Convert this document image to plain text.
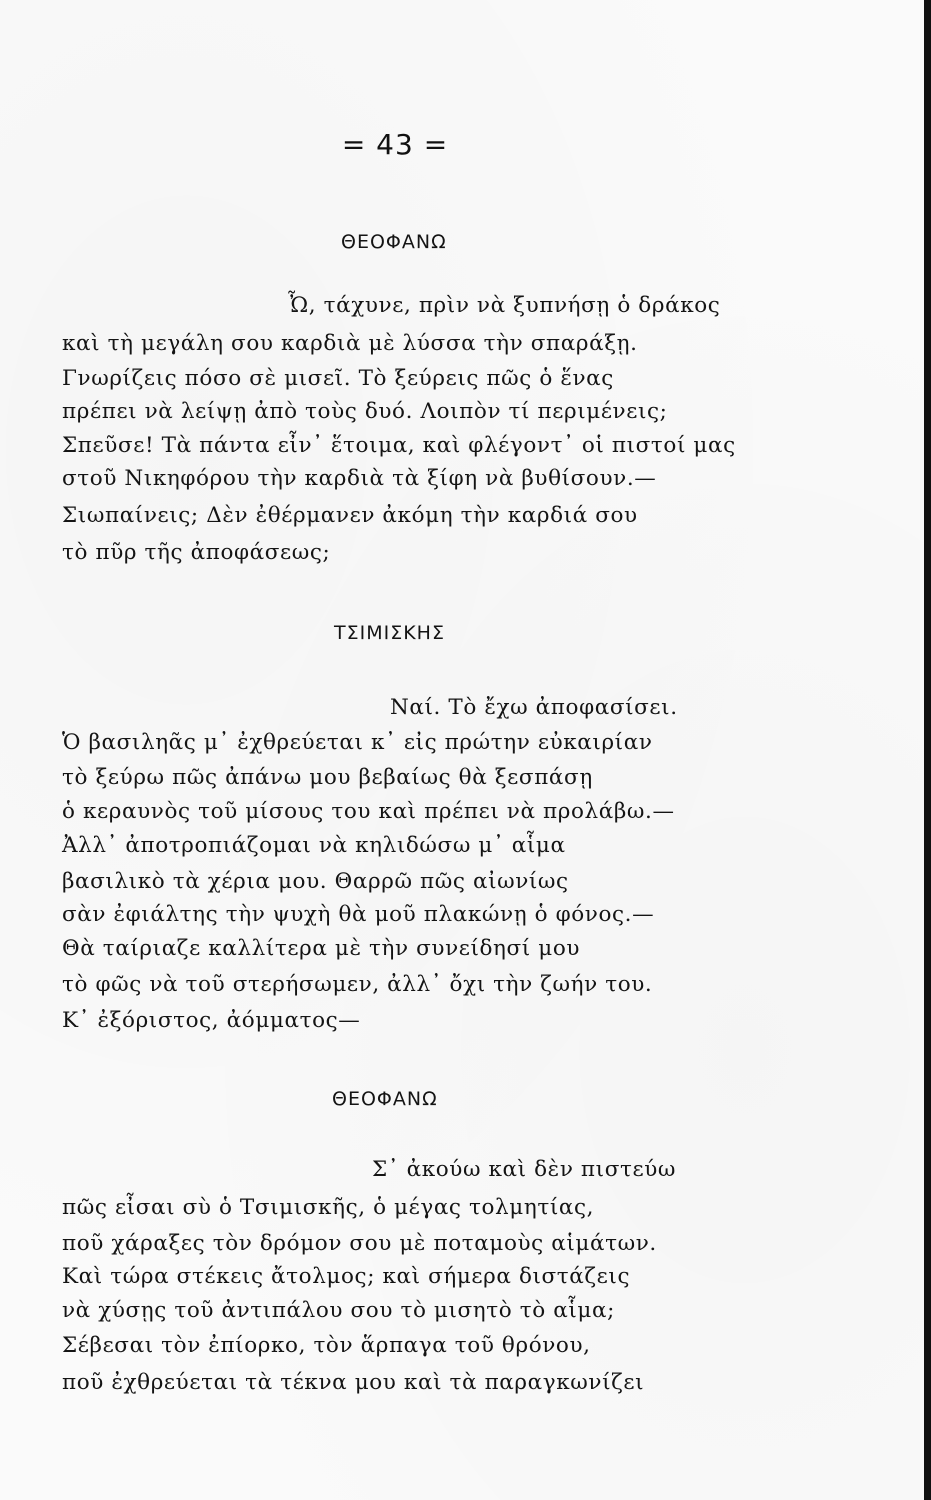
= 43 =
ΘΕΟΦΑΝΩ
Ὦ, τάχυνε, πρὶν νὰ ξυπνήσῃ ὁ δράκος
καὶ τὴ μεγάλη σου καρδιὰ μὲ λύσσα τὴν σπαράξῃ.
Γνωρίζεις πόσο σὲ μισεῖ. Τὸ ξεύρεις πῶς ὁ ἕνας
πρέπει νὰ λείψῃ ἀπὸ τοὺς δυό. Λοιπὸν τί περιμένεις;
Σπεῦσε! Τὰ πάντα εἶν᾽ ἕτοιμα, καὶ φλέγοντ᾽ οἱ πιστοί μας
στοῦ Νικηφόρου τὴν καρδιὰ τὰ ξίφη νὰ βυθίσουν.—
Σιωπαίνεις; Δὲν ἐθέρμανεν ἀκόμη τὴν καρδιά σου
τὸ πῦρ τῆς ἀποφάσεως;
ΤΣΙΜΙΣΚΗΣ
Ναί. Τὸ ἔχω ἀποφασίσει.
Ὁ βασιληᾶς μ᾽ ἐχθρεύεται κ᾽ εἰς πρώτην εὐκαιρίαν
τὸ ξεύρω πῶς ἀπάνω μου βεβαίως θὰ ξεσπάσῃ
ὁ κεραυνὸς τοῦ μίσους του καὶ πρέπει νὰ προλάβω.—
Ἀλλ᾽ ἀποτροπιάζομαι νὰ κηλιδώσω μ᾽ αἷμα
βασιλικὸ τὰ χέρια μου. Θαρρῶ πῶς αἰωνίως
σὰν ἐφιάλτης τὴν ψυχὴ θὰ μοῦ πλακώνῃ ὁ φόνος.—
Θὰ ταίριαζε καλλίτερα μὲ τὴν συνείδησί μου
τὸ φῶς νὰ τοῦ στερήσωμεν, ἀλλ᾽ ὄχι τὴν ζωήν του.
Κ᾽ ἐξόριστος, ἀόμματος—
ΘΕΟΦΑΝΩ
Σ᾽ ἀκούω καὶ δὲν πιστεύω
πῶς εἶσαι σὺ ὁ Τσιμισκῆς, ὁ μέγας τολμητίας,
ποῦ χάραξες τὸν δρόμον σου μὲ ποταμοὺς αἱμάτων.
Καὶ τώρα στέκεις ἄτολμος; καὶ σήμερα διστάζεις
νὰ χύσῃς τοῦ ἀντιπάλου σου τὸ μισητὸ τὸ αἷμα;
Σέβεσαι τὸν ἐπίορκο, τὸν ἅρπαγα τοῦ θρόνου,
ποῦ ἐχθρεύεται τὰ τέκνα μου καὶ τὰ παραγκωνίζει
